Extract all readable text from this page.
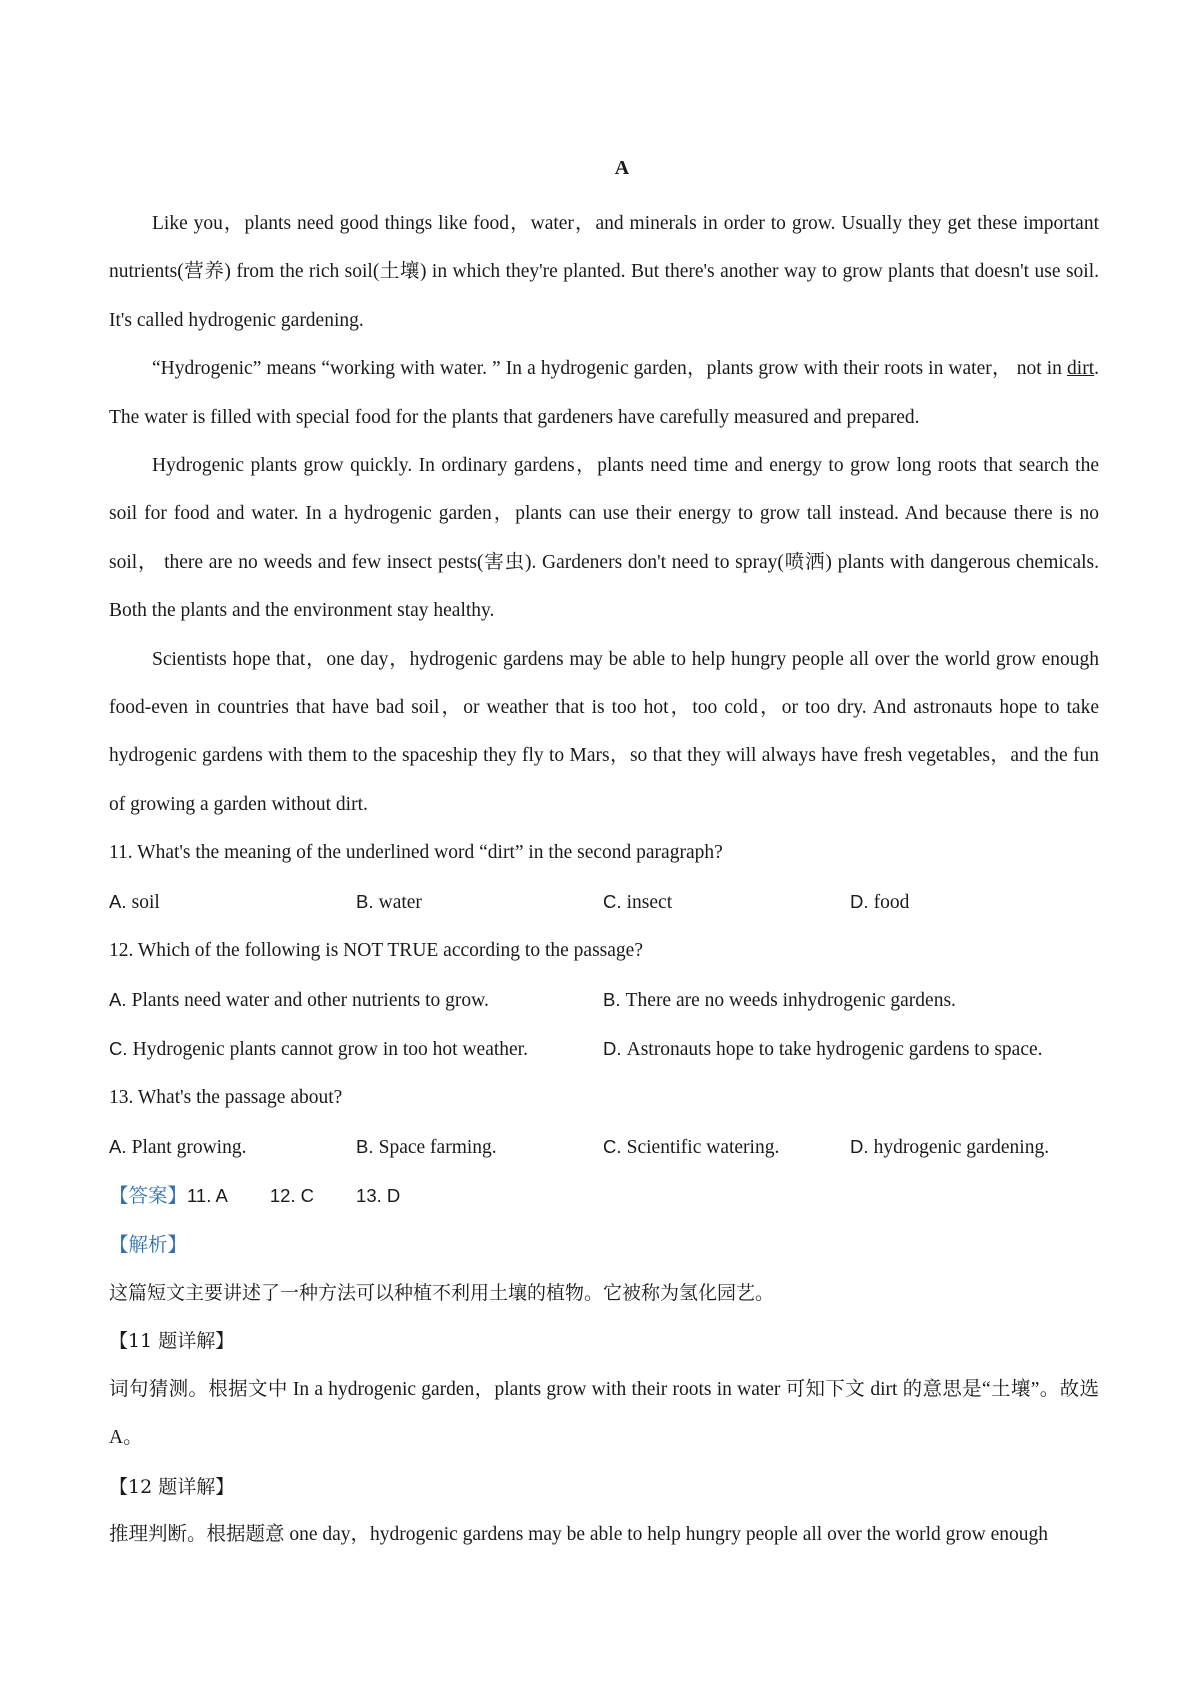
A

Like you，plants need good things like food，water，and minerals in order to grow. Usually they get these important nutrients(营养) from the rich soil(土壤) in which they're planted. But there's another way to grow plants that doesn't use soil. It's called hydrogenic gardening.

“Hydrogenic” means “working with water. ” In a hydrogenic garden，plants grow with their roots in water， not in dirt. The water is filled with special food for the plants that gardeners have carefully measured and prepared.

Hydrogenic plants grow quickly. In ordinary gardens，plants need time and energy to grow long roots that search the soil for food and water. In a hydrogenic garden，plants can use their energy to grow tall instead. And because there is no soil， there are no weeds and few insect pests(害虫). Gardeners don't need to spray(喷洒) plants with dangerous chemicals. Both the plants and the environment stay healthy.

Scientists hope that，one day，hydrogenic gardens may be able to help hungry people all over the world grow enough food-even in countries that have bad soil，or weather that is too hot，too cold，or too dry. And astronauts hope to take hydrogenic gardens with them to the spaceship they fly to Mars，so that they will always have fresh vegetables，and the fun of growing a garden without dirt.

11. What's the meaning of the underlined word “dirt” in the second paragraph?

A. soil	B. water	C. insect	D. food

12. Which of the following is NOT TRUE according to the passage?

A. Plants need water and other nutrients to grow.	B. There are no weeds inhydrogenic gardens.
C. Hydrogenic plants cannot grow in too hot weather.	D. Astronauts hope to take hydrogenic gardens to space.

13. What's the passage about?

A. Plant growing.	B. Space farming.	C. Scientific watering.	D. hydrogenic gardening.
【答案】 11. A 12. C 13. D

【解析】

这篇短文主要讲述了一种方法可以种植不利用土壤的植物。它被称为氢化园艺。

【11 题详解】

词句猜测。根据文中 In a hydrogenic garden，plants grow with their roots in water 可知下文 dirt 的意思是“土壤”。故选 A。

【12 题详解】

推理判断。根据题意 one day，hydrogenic gardens may be able to help hungry people all over the world grow enough
